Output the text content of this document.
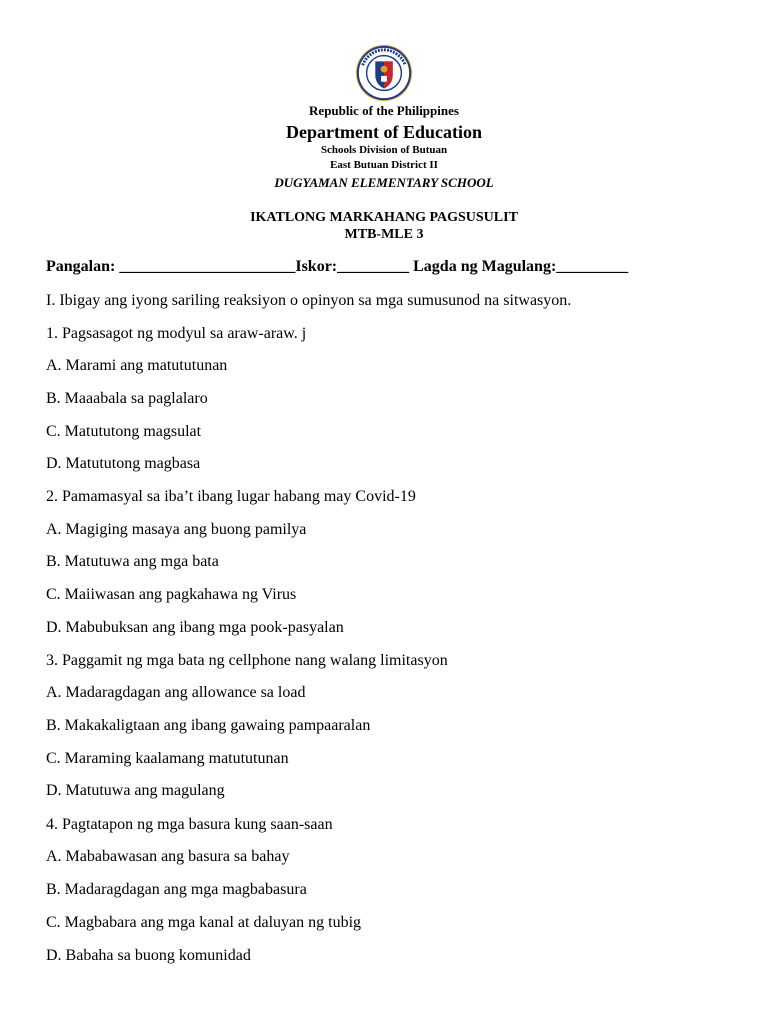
Republic of the Philippines
Department of Education
Schools Division of Butuan
East Butuan District II
DUGYAMAN ELEMENTARY SCHOOL
IKATLONG MARKAHANG PAGSUSULIT
MTB-MLE 3
Pangalan: ______________________Iskor:_________ Lagda ng Magulang:_________
I. Ibigay ang iyong sariling reaksiyon o opinyon sa mga sumusunod na sitwasyon.
1. Pagsasagot ng modyul sa araw-araw. j
A. Marami ang matututunan
B. Maaabala sa paglalaro
C. Matututong magsulat
D. Matututong magbasa
2. Pamamasyal sa iba’t ibang lugar habang may Covid-19
A. Magiging masaya ang buong pamilya
B. Matutuwa ang mga bata
C. Maiiwasan ang pagkahawa ng Virus
D. Mabubuksan ang ibang mga pook-pasyalan
3. Paggamit ng mga bata ng cellphone nang walang limitasyon
A. Madaragdagan ang allowance sa load
B. Makakaligtaan ang ibang gawaing pampaaralan
C. Maraming kaalamang matututunan
D. Matutuwa ang magulang
4. Pagtatapon ng mga basura kung saan-saan
A. Mababawasan ang basura sa bahay
B. Madaragdagan ang mga magbabasura
C. Magbabara ang mga kanal at daluyan ng tubig
D. Babaha sa buong komunidad
